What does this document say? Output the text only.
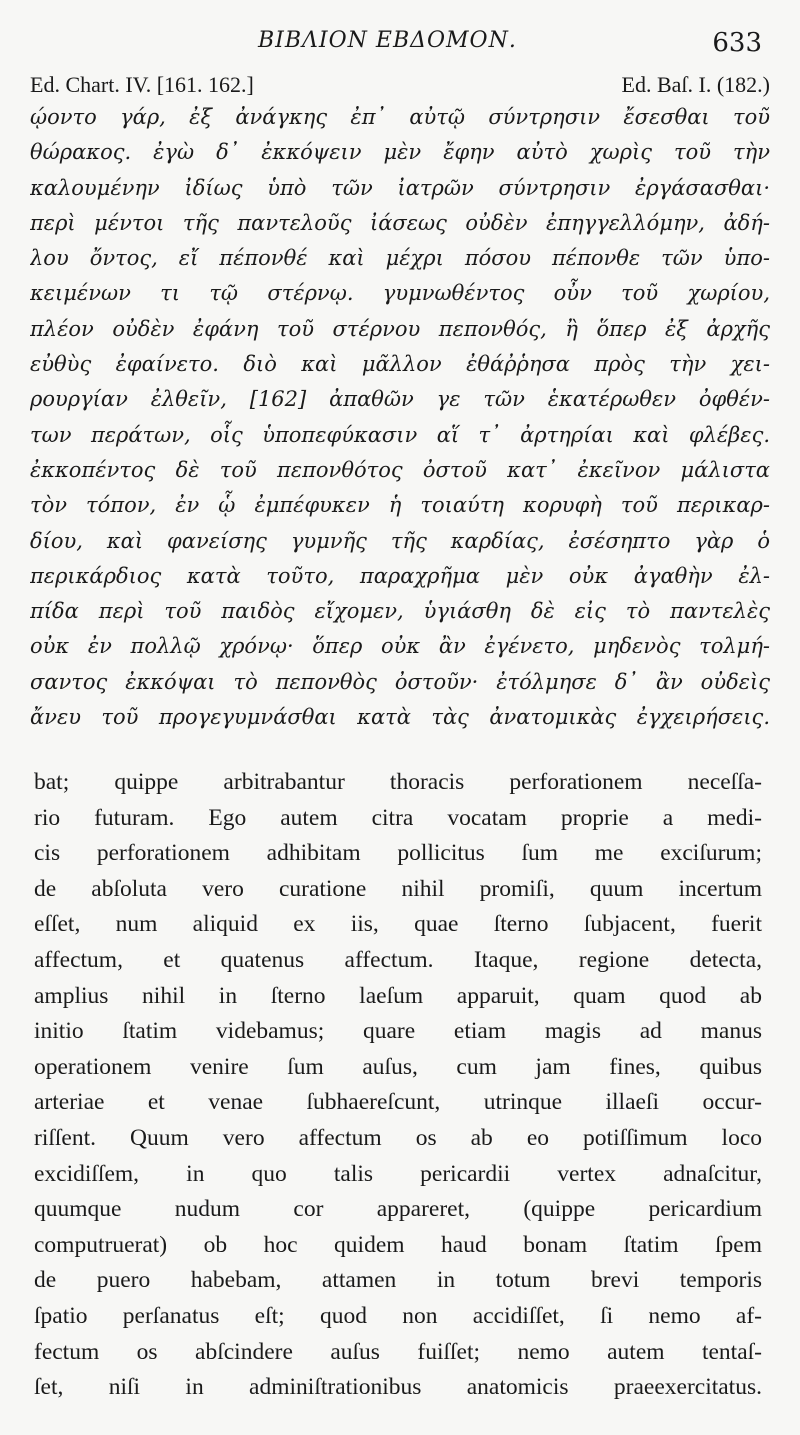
ΒΙΒΛΙΟΝ ΕΒΔΟΜΟΝ.	633
Ed. Chart. IV. [161. 162.]	Ed. Baſ. I. (182.)
ῴοντο γάρ, ἐξ ἀνάγκης ἐπ᾽ αὐτῷ σύντρησιν ἔσεσθαι τοῦ
θώρακος. ἐγὼ δ᾽ ἐκκόψειν μὲν ἔφην αὐτὸ χωρὶς τοῦ τὴν
καλουμένην ἰδίως ὑπὸ τῶν ἰατρῶν σύντρησιν ἐργάσασθαι·
περὶ μέντοι τῆς παντελοῦς ἰάσεως οὐδὲν ἐπηγγελλόμην, ἀδή-
λου ὄντος, εἴ πέπονθέ καὶ μέχρι πόσου πέπονθε τῶν ὑπο-
κειμένων τι τῷ στέρνῳ. γυμνωθέντος οὖν τοῦ χωρίου,
πλέον οὐδὲν ἐφάνη τοῦ στέρνου πεπονθός, ἢ ὅπερ ἐξ ἀρχῆς
εὐθὺς ἐφαίνετο. διὸ καὶ μᾶλλον ἐθάῤῥησα πρὸς τὴν χει-
ρουργίαν ἐλθεῖν, [162] ἀπαθῶν γε τῶν ἑκατέρωθεν ὀφθέν-
των περάτων, οἷς ὑποπεφύκασιν αἵ τ᾽ ἀρτηρίαι καὶ φλέβες.
ἐκκοπέντος δὲ τοῦ πεπονθότος ὀστοῦ κατ᾽ ἐκεῖνον μάλιστα
τὸν τόπον, ἐν ᾧ ἐμπέφυκεν ἡ τοιαύτη κορυφὴ τοῦ περικαρ-
δίου, καὶ φανείσης γυμνῆς τῆς καρδίας, ἐσέσηπτο γὰρ ὁ
περικάρδιος κατὰ τοῦτο, παραχρῆμα μὲν οὐκ ἀγαθὴν ἐλ-
πίδα περὶ τοῦ παιδὸς εἴχομεν, ὑγιάσθη δὲ εἰς τὸ παντελὲς
οὐκ ἐν πολλῷ χρόνῳ· ὅπερ οὐκ ἂν ἐγένετο, μηδενὸς τολμή-
σαντος ἐκκόψαι τὸ πεπονθὸς ὀστοῦν· ἐτόλμησε δ᾽ ἂν οὐδεὶς
ἄνευ τοῦ προγεγυμνάσθαι κατὰ τὰς ἀνατομικὰς ἐγχειρήσεις.
bat; quippe arbitrabantur thoracis perforationem neceſſa-
rio futuram. Ego autem citra vocatam proprie a medi-
cis perforationem adhibitam pollicitus ſum me exciſurum;
de abſoluta vero curatione nihil promiſi, quum incertum
eſſet, num aliquid ex iis, quae ſterno ſubjacent, fuerit
affectum, et quatenus affectum. Itaque, regione detecta,
amplius nihil in ſterno laeſum apparuit, quam quod ab
initio ſtatim videbamus; quare etiam magis ad manus
operationem venire ſum auſus, cum jam fines, quibus
arteriae et venae ſubhaereſcunt, utrinque illaeſi occur-
riſſent. Quum vero affectum os ab eo potiſſimum loco
excidiſſem, in quo talis pericardii vertex adnaſcitur,
quumque nudum cor appareret, (quippe pericardium
computruerat) ob hoc quidem haud bonam ſtatim ſpem
de puero habebam, attamen in totum brevi temporis
ſpatio perſanatus eſt; quod non accidiſſet, ſi nemo af-
fectum os abſcindere auſus fuiſſet; nemo autem tentaſ-
ſet, niſi in adminiſtrationibus anatomicis praeexercitatus.
